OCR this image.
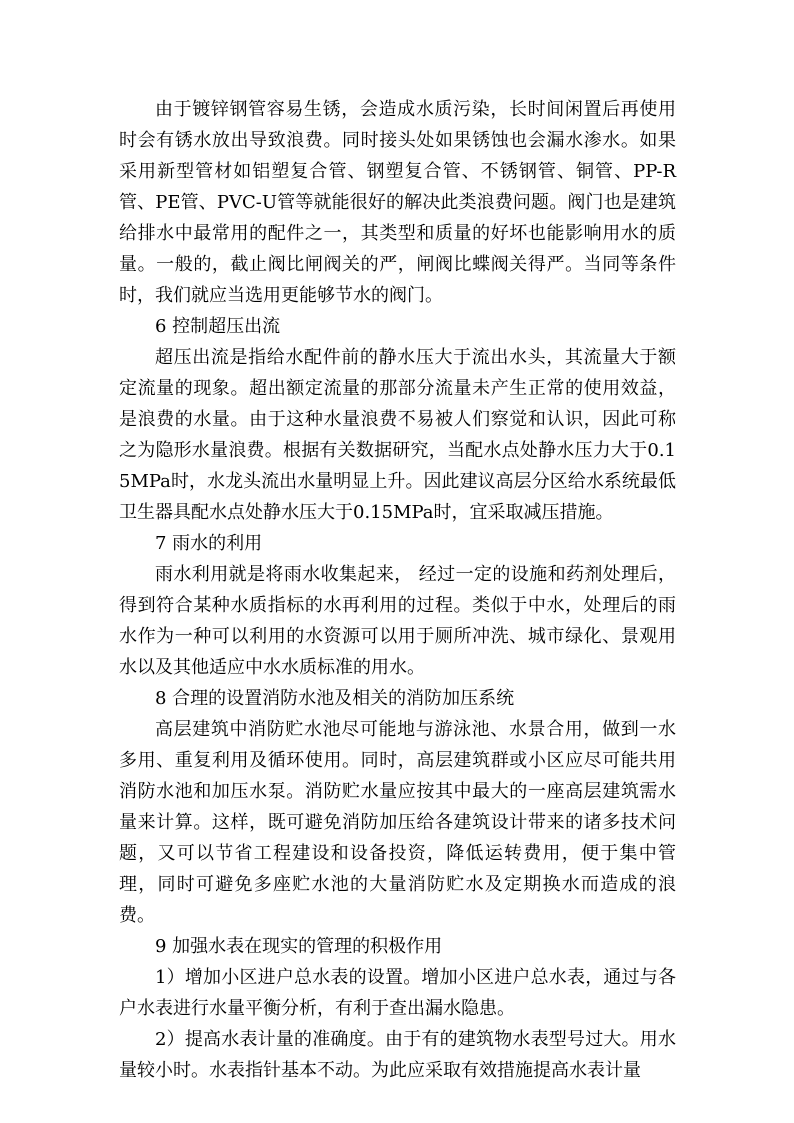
由于镀锌钢管容易生锈，会造成水质污染，长时间闲置后再使用时会有锈水放出导致浪费。同时接头处如果锈蚀也会漏水渗水。如果采用新型管材如铝塑复合管、钢塑复合管、不锈钢管、铜管、PP-R管、PE管、PVC-U管等就能很好的解决此类浪费问题。阀门也是建筑给排水中最常用的配件之一，其类型和质量的好坏也能影响用水的质量。一般的，截止阀比闸阀关的严，闸阀比蝶阀关得严。当同等条件时，我们就应当选用更能够节水的阀门。

6 控制超压出流

超压出流是指给水配件前的静水压大于流出水头，其流量大于额定流量的现象。超出额定流量的那部分流量未产生正常的使用效益，是浪费的水量。由于这种水量浪费不易被人们察觉和认识，因此可称之为隐形水量浪费。根据有关数据研究，当配水点处静水压力大于0.15MPa时，水龙头流出水量明显上升。因此建议高层分区给水系统最低卫生器具配水点处静水压大于0.15MPa时，宜采取减压措施。

7 雨水的利用

雨水利用就是将雨水收集起来， 经过一定的设施和药剂处理后，得到符合某种水质指标的水再利用的过程。类似于中水，处理后的雨水作为一种可以利用的水资源可以用于厕所冲洗、城市绿化、景观用水以及其他适应中水水质标准的用水。

8 合理的设置消防水池及相关的消防加压系统

高层建筑中消防贮水池尽可能地与游泳池、水景合用，做到一水多用、重复利用及循环使用。同时，高层建筑群或小区应尽可能共用消防水池和加压水泵。消防贮水量应按其中最大的一座高层建筑需水量来计算。这样，既可避免消防加压给各建筑设计带来的诸多技术问题，又可以节省工程建设和设备投资，降低运转费用，便于集中管理，同时可避免多座贮水池的大量消防贮水及定期换水而造成的浪费。

9 加强水表在现实的管理的积极作用

1）增加小区进户总水表的设置。增加小区进户总水表，通过与各户水表进行水量平衡分析，有利于查出漏水隐患。

2）提高水表计量的准确度。由于有的建筑物水表型号过大。用水量较小时。水表指针基本不动。为此应采取有效措施提高水表计量
